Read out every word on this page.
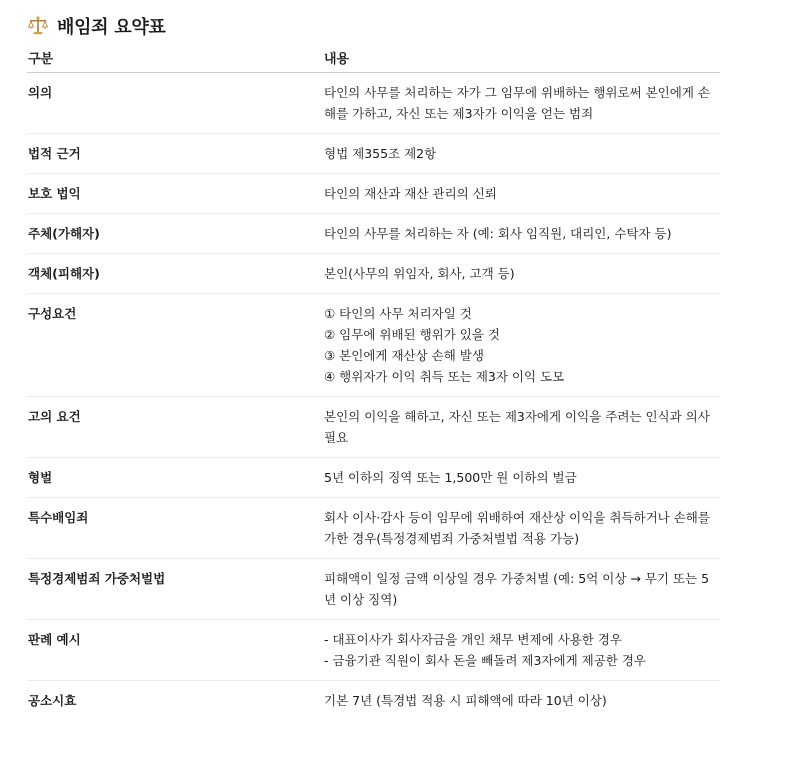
배임죄 요약표
구분	내용
의의	타인의 사무를 처리하는 자가 그 임무에 위배하는 행위로써 본인에게 손해를 가하고, 자신 또는 제3자가 이익을 얻는 범죄

법적 근거	형법 제355조 제2항

보호 법익	타인의 재산과 재산 관리의 신뢰

주체(가해자)	타인의 사무를 처리하는 자 (예: 회사 임직원, 대리인, 수탁자 등)

객체(피해자)	본인(사무의 위임자, 회사, 고객 등)

구성요건	① 타인의 사무 처리자일 것
② 임무에 위배된 행위가 있을 것
③ 본인에게 재산상 손해 발생
④ 행위자가 이익 취득 또는 제3자 이익 도모

고의 요건	본인의 이익을 해하고, 자신 또는 제3자에게 이익을 주려는 인식과 의사 필요

형벌	5년 이하의 징역 또는 1,500만 원 이하의 벌금

특수배임죄	회사 이사·감사 등이 임무에 위배하여 재산상 이익을 취득하거나 손해를 가한 경우(특정경제범죄 가중처벌법 적용 가능)

특정경제범죄 가중처벌법	피해액이 일정 금액 이상일 경우 가중처벌 (예: 5억 이상 → 무기 또는 5년 이상 징역)

판례 예시	- 대표이사가 회사자금을 개인 채무 변제에 사용한 경우
- 금융기관 직원이 회사 돈을 빼돌려 제3자에게 제공한 경우

공소시효	기본 7년 (특경법 적용 시 피해액에 따라 10년 이상)
